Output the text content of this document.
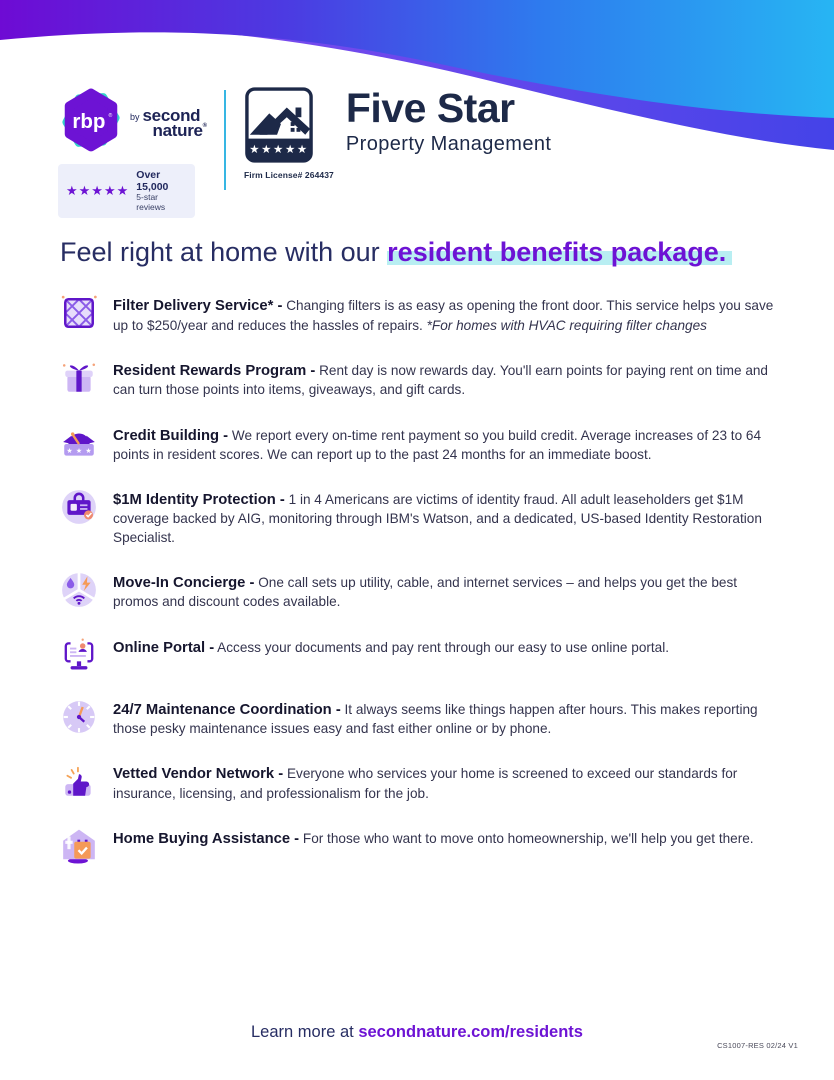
rbp ® by second
nature®
★★★★★
Over 15,000
5-star reviews
★★★★★
Firm License# 264437
Five Star
Property Management
Feel right at home with our resident benefits package.

Filter Delivery Service* - Changing filters is as easy as opening the front door. This service helps you save up to $250/year and reduces the hassles of repairs. *For homes with HVAC requiring filter changes

Resident Rewards Program - Rent day is now rewards day. You'll earn points for paying rent on time and can turn those points into items, giveaways, and gift cards.

★ ★ ★

Credit Building - We report every on-time rent payment so you build credit. Average increases of 23 to 64 points in resident scores. We can report up to the past 24 months for an immediate boost.

$1M Identity Protection - 1 in 4 Americans are victims of identity fraud. All adult leaseholders get $1M coverage backed by AIG, monitoring through IBM's Watson, and a dedicated, US-based Identity Restoration Specialist.

Move-In Concierge - One call sets up utility, cable, and internet services – and helps you get the best promos and discount codes available.

Online Portal - Access your documents and pay rent through our easy to use online portal.

24/7 Maintenance Coordination - It always seems like things happen after hours. This makes reporting those pesky maintenance issues easy and fast either online or by phone.

Vetted Vendor Network - Everyone who services your home is screened to exceed our standards for insurance, licensing, and professionalism for the job.

Home Buying Assistance - For those who want to move onto homeownership, we'll help you get there.

Learn more at secondnature.com/residents

CS1007-RES 02/24 V1
